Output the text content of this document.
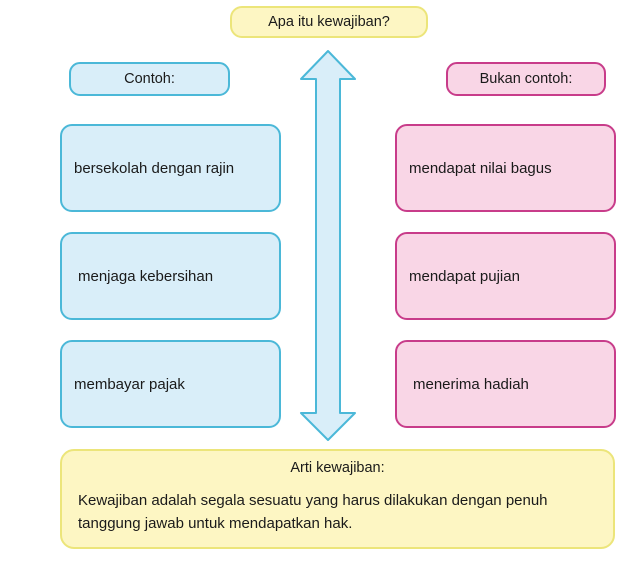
Apa itu kewajiban?
Contoh:	Bukan contoh:
bersekolah dengan rajin
menjaga kebersihan
membayar pajak
mendapat nilai bagus
mendapat pujian
menerima hadiah
Arti kewajiban:
Kewajiban adalah segala sesuatu yang harus dilakukan dengan penuh tanggung jawab untuk mendapatkan hak.
